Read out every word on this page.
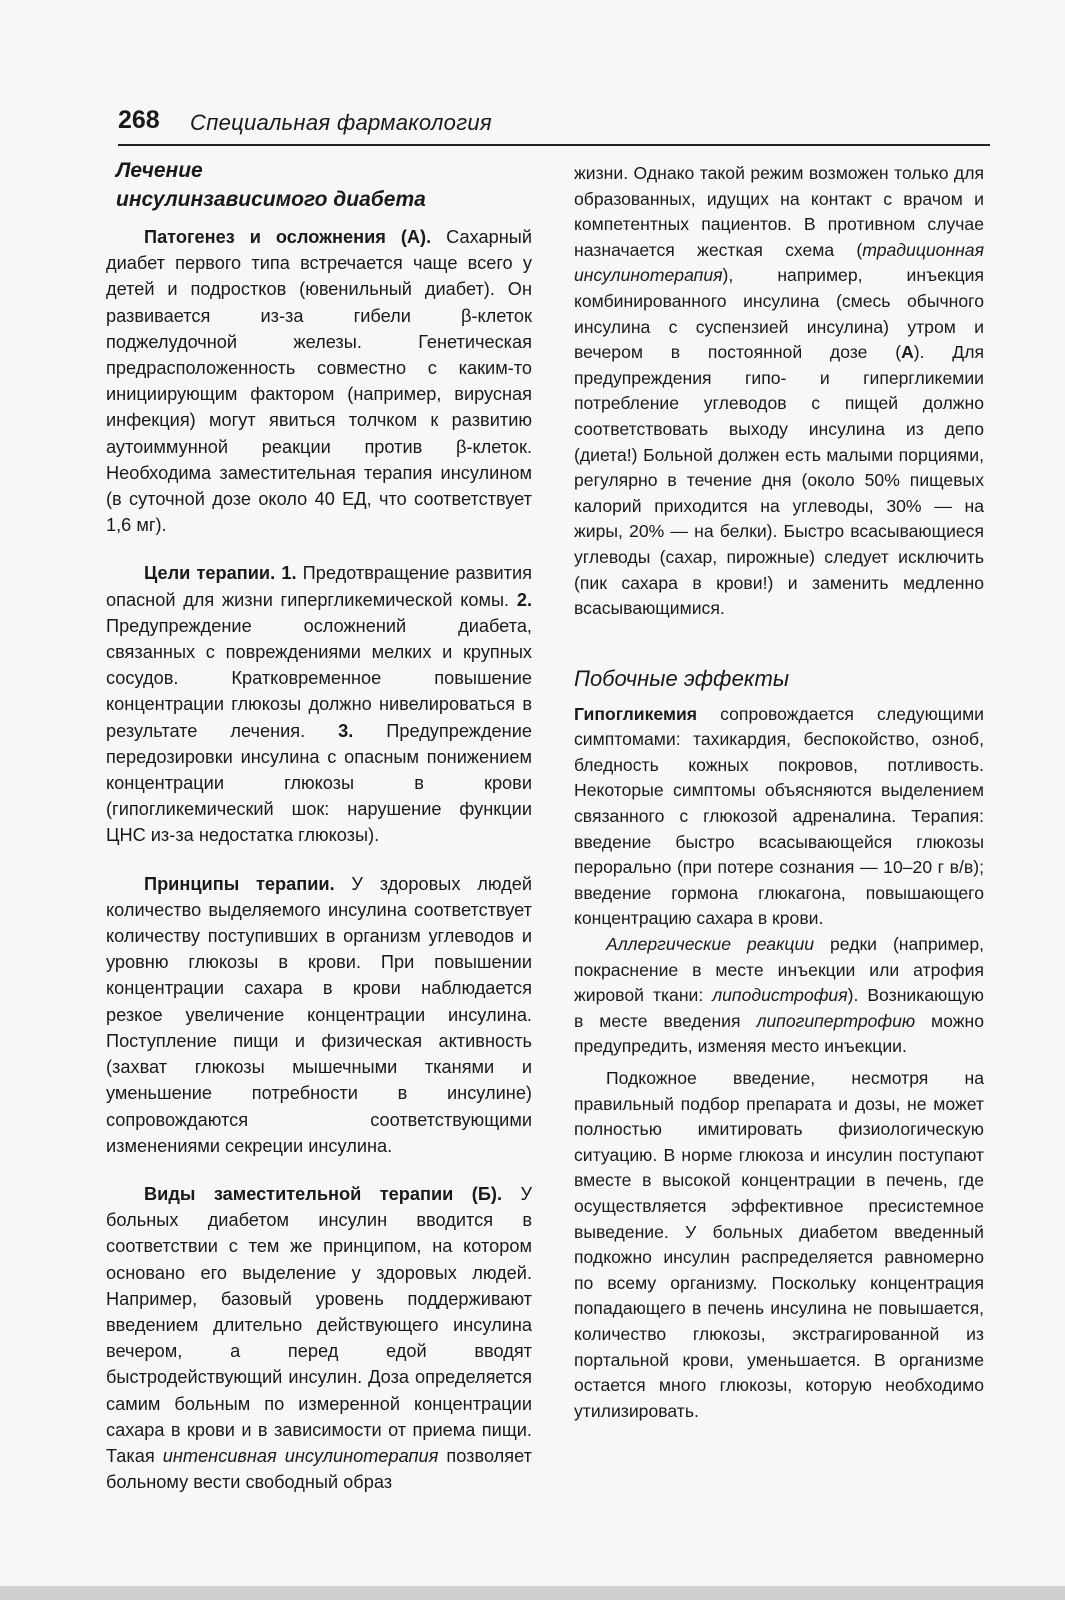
268 Специальная фармакология
Лечение
инсулинзависимого диабета

Патогенез и осложнения (А). Сахарный диабет первого типа встречается чаще всего у детей и подростков (ювенильный диабет). Он развивается из-за гибели β-клеток поджелудочной железы. Генетическая предрасположенность совместно с каким-то инициирующим фактором (например, вирусная инфекция) могут явиться толчком к развитию аутоиммунной реакции против β-клеток. Необходима заместительная терапия инсулином (в суточной дозе около 40 ЕД, что соответствует 1,6 мг).

Цели терапии. 1. Предотвращение развития опасной для жизни гипергликемической комы. 2. Предупреждение осложнений диабета, связанных с повреждениями мелких и крупных сосудов. Кратковременное повышение концентрации глюкозы должно нивелироваться в результате лечения. 3. Предупреждение передозировки инсулина с опасным понижением концентрации глюкозы в крови (гипогликемический шок: нарушение функции ЦНС из-за недостатка глюкозы).

Принципы терапии. У здоровых людей количество выделяемого инсулина соответствует количеству поступивших в организм углеводов и уровню глюкозы в крови. При повышении концентрации сахара в крови наблюдается резкое увеличение концентрации инсулина. Поступление пищи и физическая активность (захват глюкозы мышечными тканями и уменьшение потребности в инсулине) сопровождаются соответствующими изменениями секреции инсулина.

Виды заместительной терапии (Б). У больных диабетом инсулин вводится в соответствии с тем же принципом, на котором основано его выделение у здоровых людей. Например, базовый уровень поддерживают введением длительно действующего инсулина вечером, а перед едой вводят быстродействующий инсулин. Доза определяется самим больным по измеренной концентрации сахара в крови и в зависимости от приема пищи. Такая интенсивная инсулинотерапия позволяет больному вести свободный образ

жизни. Однако такой режим возможен только для образованных, идущих на контакт с врачом и компетентных пациентов. В противном случае назначается жесткая схема (традиционная инсулинотерапия), например, инъекция комбинированного инсулина (смесь обычного инсулина с суспензией инсулина) утром и вечером в постоянной дозе (А). Для предупреждения гипо- и гипергликемии потребление углеводов с пищей должно соответствовать выходу инсулина из депо (диета!) Больной должен есть малыми порциями, регулярно в течение дня (около 50% пищевых калорий приходится на углеводы, 30% — на жиры, 20% — на белки). Быстро всасывающиеся углеводы (сахар, пирожные) следует исключить (пик сахара в крови!) и заменить медленно всасывающимися.

Побочные эффекты

Гипогликемия сопровождается следующими симптомами: тахикардия, беспокойство, озноб, бледность кожных покровов, потливость. Некоторые симптомы объясняются выделением связанного с глюкозой адреналина. Терапия: введение быстро всасывающейся глюкозы перорально (при потере сознания — 10–20 г в/в); введение гормона глюкагона, повышающего концентрацию сахара в крови.

Аллергические реакции редки (например, покраснение в месте инъекции или атрофия жировой ткани: липодистрофия). Возникающую в месте введения липогипертрофию можно предупредить, изменяя место инъекции.

Подкожное введение, несмотря на правильный подбор препарата и дозы, не может полностью имитировать физиологическую ситуацию. В норме глюкоза и инсулин поступают вместе в высокой концентрации в печень, где осуществляется эффективное пресистемное выведение. У больных диабетом введенный подкожно инсулин распределяется равномерно по всему организму. Поскольку концентрация попадающего в печень инсулина не повышается, количество глюкозы, экстрагированной из портальной крови, уменьшается. В организме остается много глюкозы, которую необходимо утилизировать.
